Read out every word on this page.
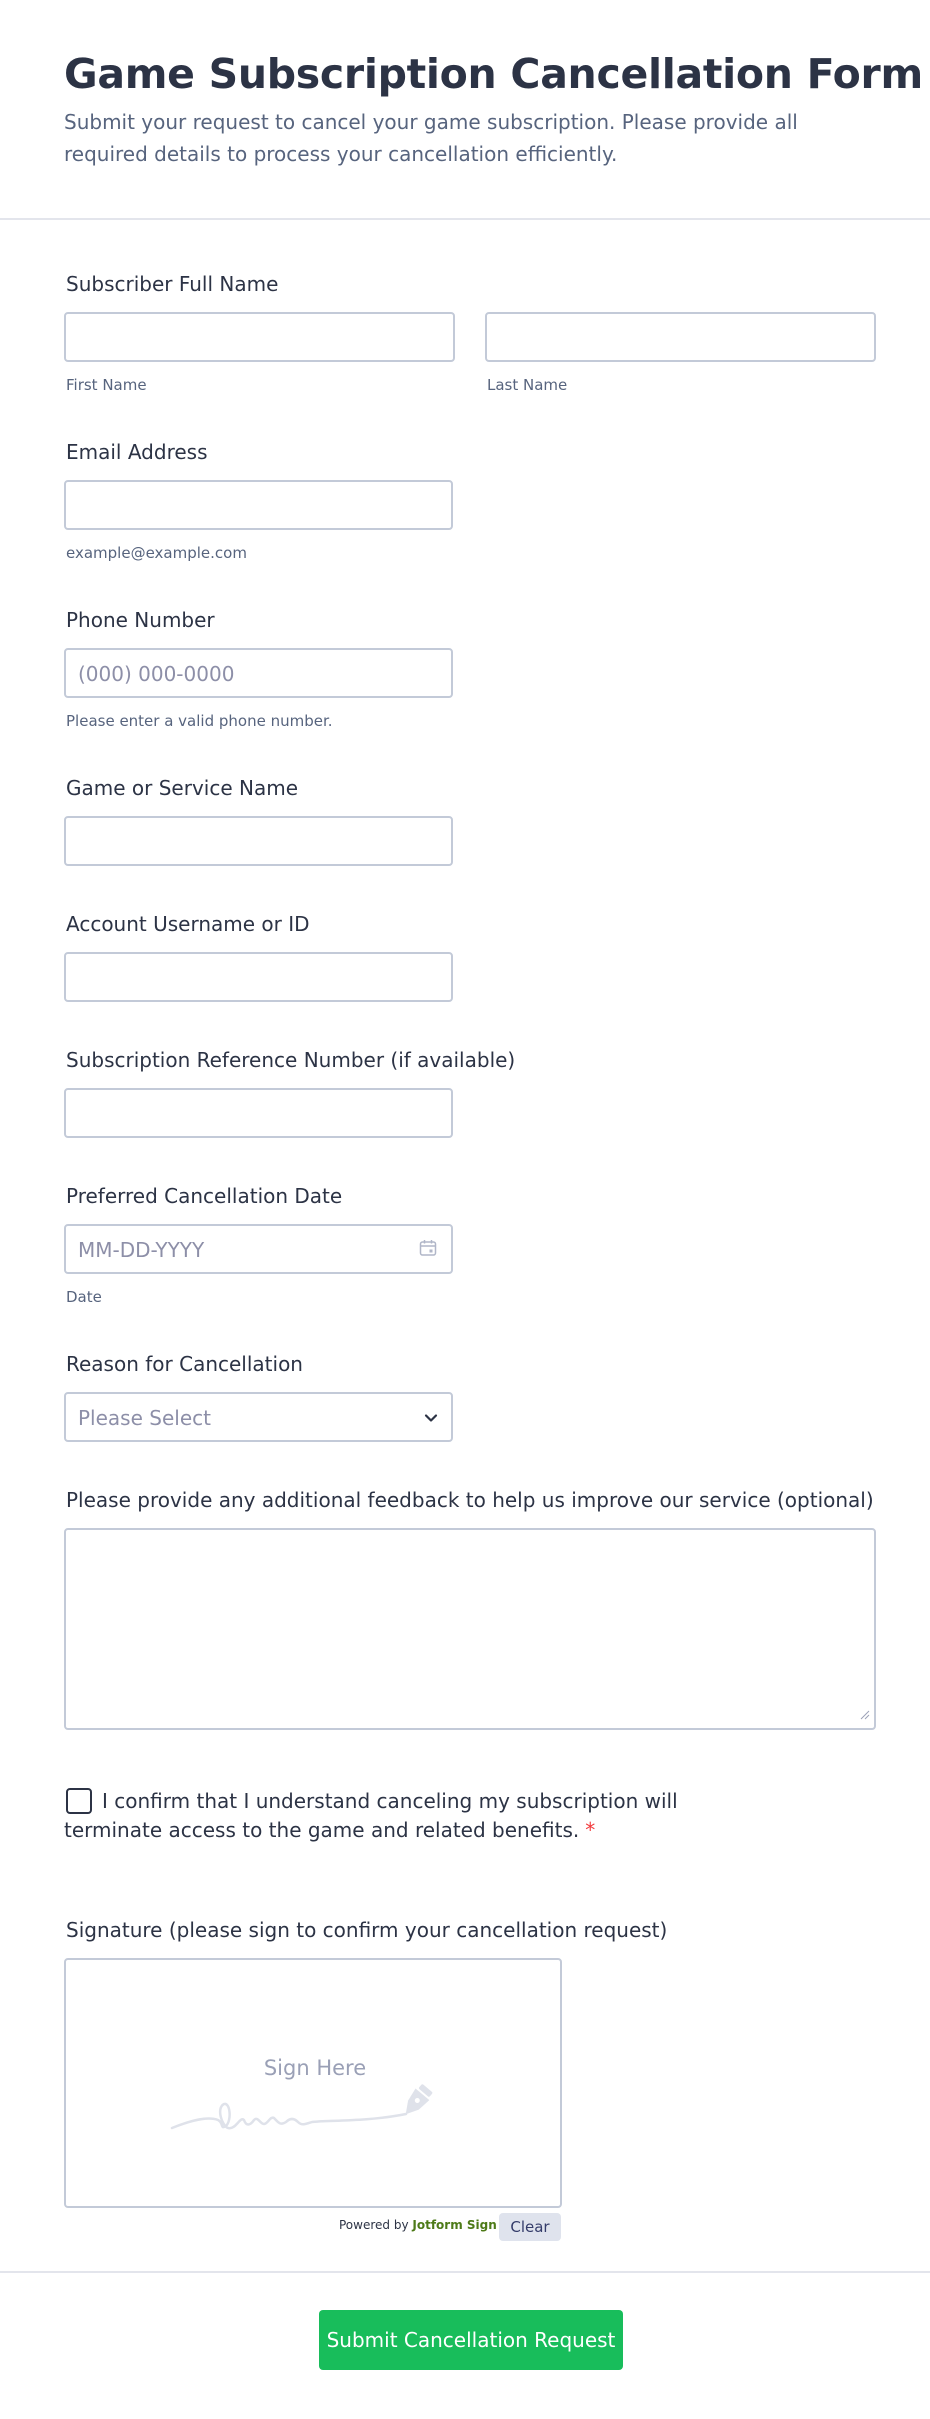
Game Subscription Cancellation Form
Submit your request to cancel your game subscription. Please provide all required details to process your cancellation efficiently.
Subscriber Full Name
First Name	Last Name
Email Address
example@example.com
Phone Number
(000) 000-0000
Please enter a valid phone number.
Game or Service Name
Account Username or ID
Subscription Reference Number (if available)
Preferred Cancellation Date
MM-DD-YYYY
Date
Reason for Cancellation
Please Select
Please provide any additional feedback to help us improve our service (optional)
I confirm that I understand canceling my subscription will terminate access to the game and related benefits. *
Signature (please sign to confirm your cancellation request)
Sign Here
Powered by Jotform Sign Clear
Submit Cancellation Request
